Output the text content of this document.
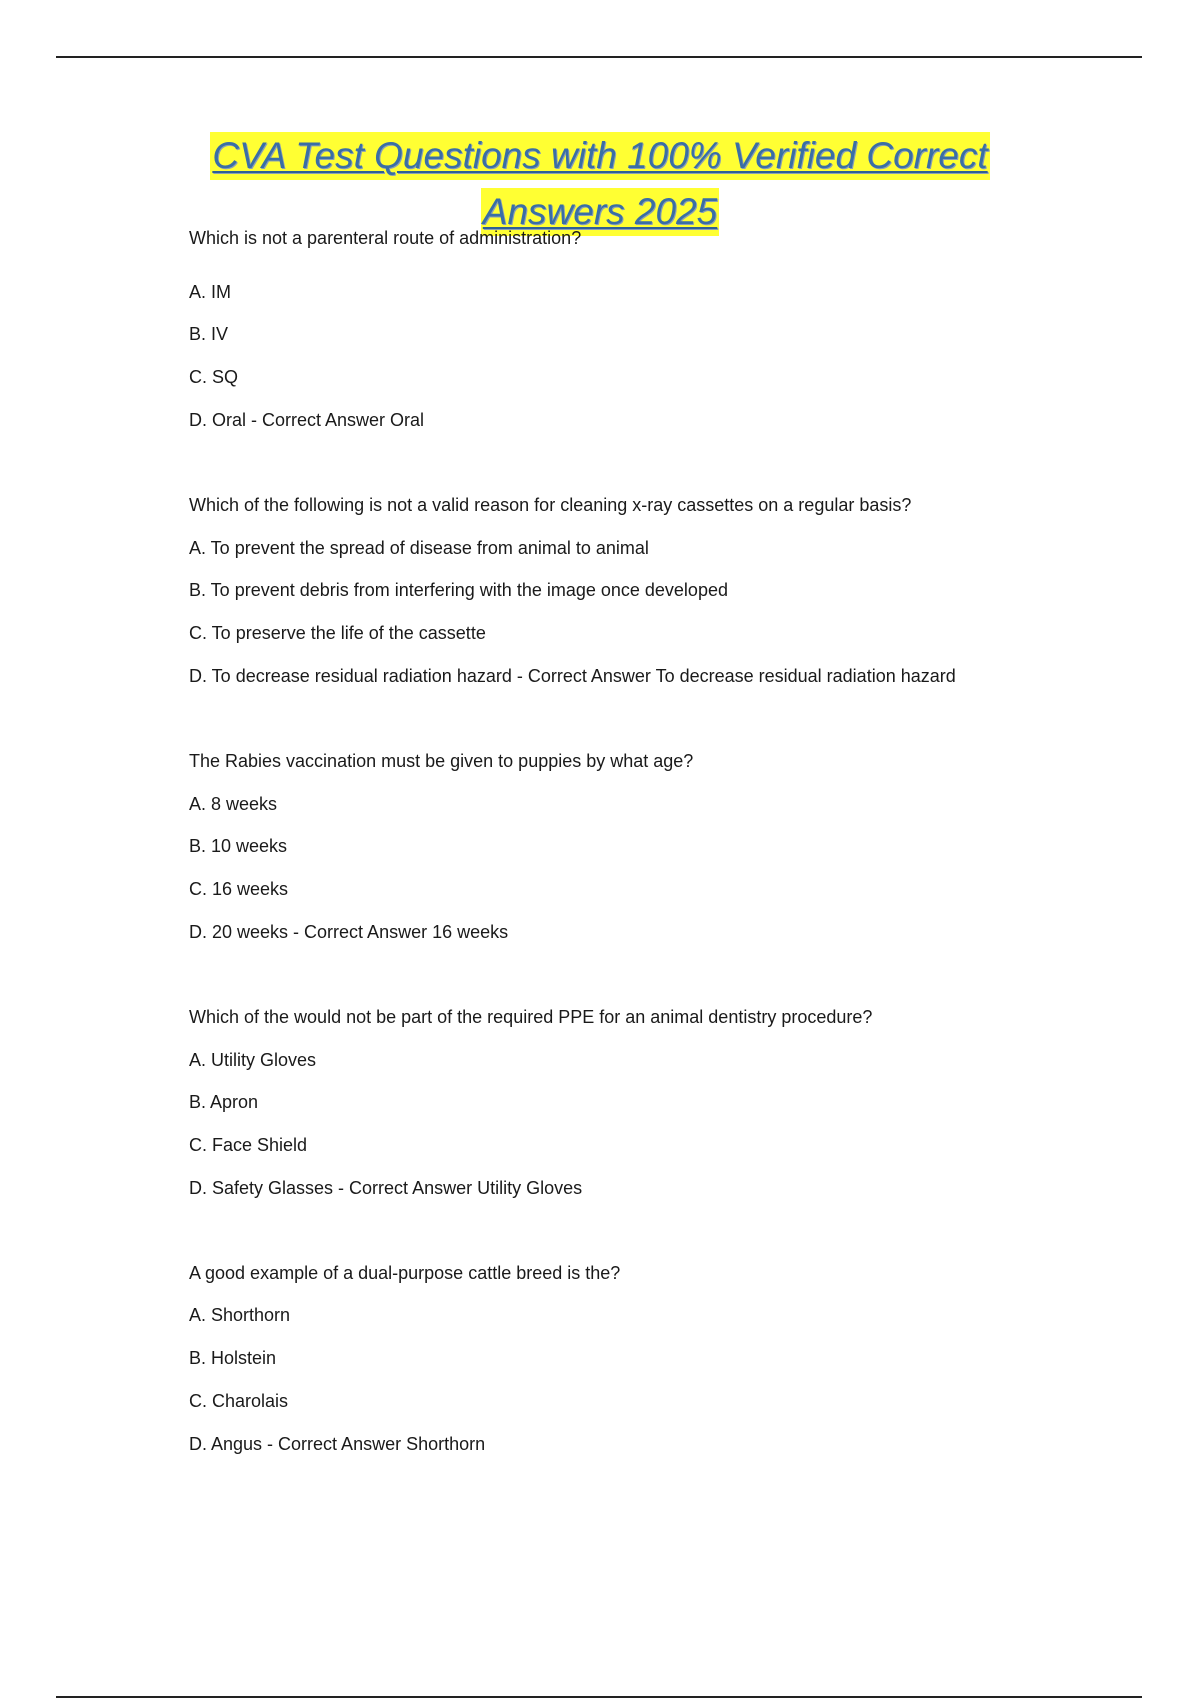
CVA Test Questions with 100% Verified Correct
Answers 2025
Which is not a parenteral route of administration?
A. IM
B. IV
C. SQ
D. Oral - Correct Answer Oral
Which of the following is not a valid reason for cleaning x-ray cassettes on a regular basis?
A. To prevent the spread of disease from animal to animal
B. To prevent debris from interfering with the image once developed
C. To preserve the life of the cassette
D. To decrease residual radiation hazard - Correct Answer To decrease residual radiation hazard
The Rabies vaccination must be given to puppies by what age?
A. 8 weeks
B. 10 weeks
C. 16 weeks
D. 20 weeks - Correct Answer 16 weeks
Which of the would not be part of the required PPE for an animal dentistry procedure?
A. Utility Gloves
B. Apron
C. Face Shield
D. Safety Glasses - Correct Answer Utility Gloves
A good example of a dual-purpose cattle breed is the?
A. Shorthorn
B. Holstein
C. Charolais
D. Angus - Correct Answer Shorthorn
